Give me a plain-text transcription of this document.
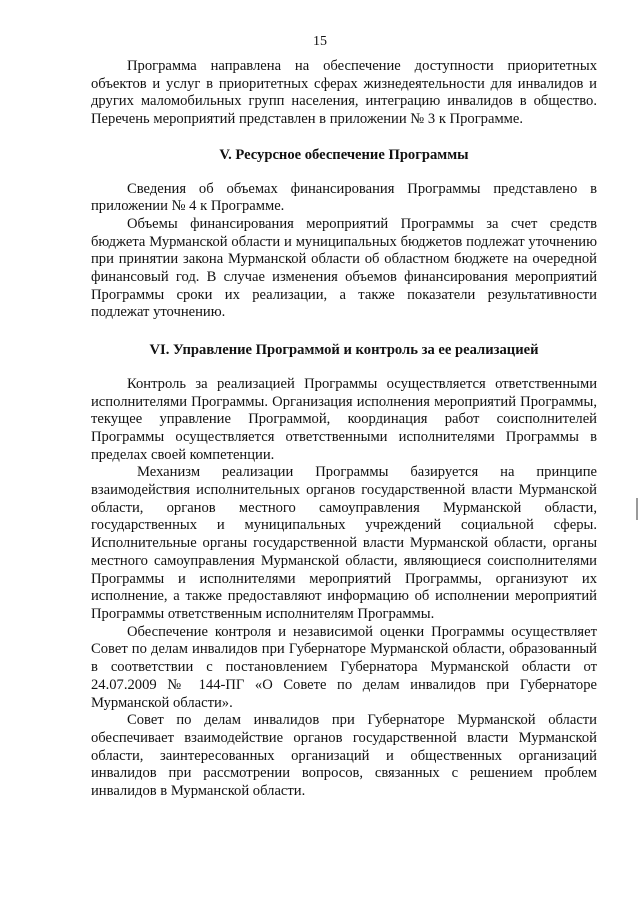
15

Программа направлена на обеспечение доступности приоритетных объектов и услуг в приоритетных сферах жизнедеятельности для инвалидов и других маломобильных групп населения, интеграцию инвалидов в общество. Перечень мероприятий представлен в приложении № 3 к Программе.

V. Ресурсное обеспечение Программы

Сведения об объемах финансирования Программы представлено в приложении № 4 к Программе.

Объемы финансирования мероприятий Программы за счет средств бюджета Мурманской области и муниципальных бюджетов подлежат уточнению при принятии закона Мурманской области об областном бюджете на очередной финансовый год. В случае изменения объемов финансирования мероприятий Программы сроки их реализации, а также показатели результативности подлежат уточнению.

VI. Управление Программой и контроль за ее реализацией

Контроль за реализацией Программы осуществляется ответственными исполнителями Программы. Организация исполнения мероприятий Программы, текущее управление Программой, координация работ соисполнителей Программы осуществляется ответственными исполнителями Программы в пределах своей компетенции.

Механизм реализации Программы базируется на принципе взаимодействия исполнительных органов государственной власти Мурманской области, органов местного самоуправления Мурманской области, государственных и муниципальных учреждений социальной сферы. Исполнительные органы государственной власти Мурманской области, органы местного самоуправления Мурманской области, являющиеся соисполнителями Программы и исполнителями мероприятий Программы, организуют их исполнение, а также предоставляют информацию об исполнении мероприятий Программы ответственным исполнителям Программы.

Обеспечение контроля и независимой оценки Программы осуществляет Совет по делам инвалидов при Губернаторе Мурманской области, образованный в соответствии с постановлением Губернатора Мурманской области от 24.07.2009 № 144-ПГ «О Совете по делам инвалидов при Губернаторе Мурманской области».

Совет по делам инвалидов при Губернаторе Мурманской области обеспечивает взаимодействие органов государственной власти Мурманской области, заинтересованных организаций и общественных организаций инвалидов при рассмотрении вопросов, связанных с решением проблем инвалидов в Мурманской области.
